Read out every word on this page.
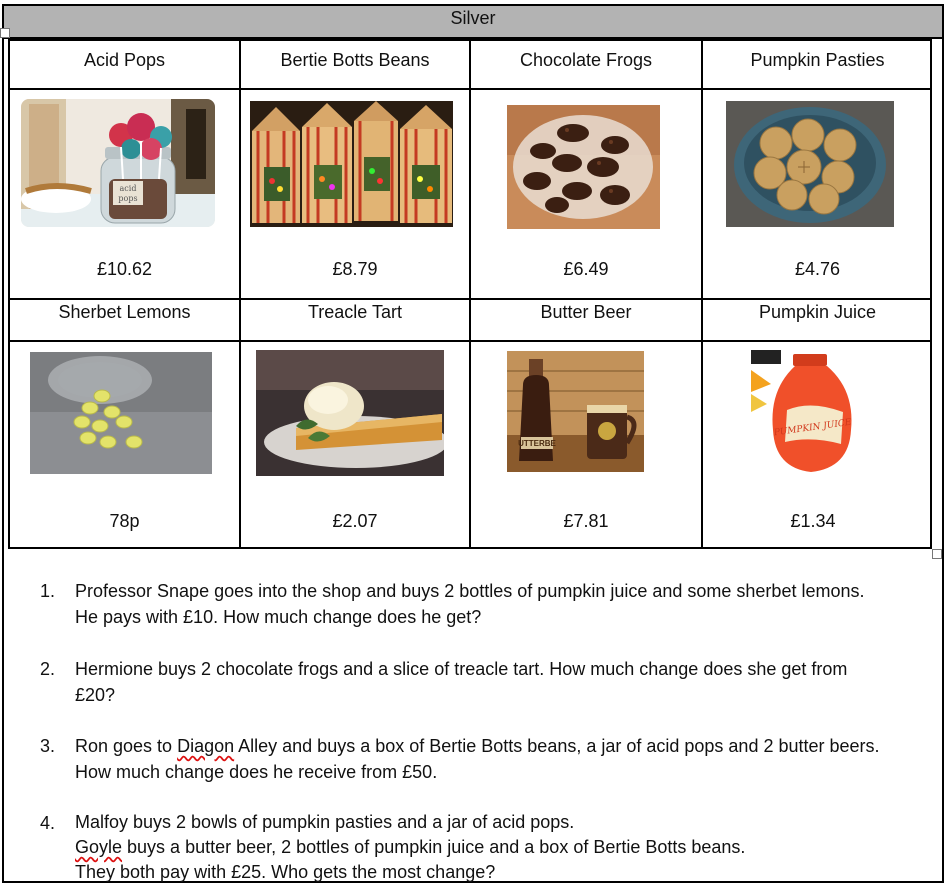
Silver
Acid Pops	Bertie Botts Beans	Chocolate Frogs	Pumpkin Pasties
acid
pops
£10.62	£8.79	£6.49	£4.76
Sherbet Lemons	Treacle Tart	Butter Beer	Pumpkin Juice
UTTERBE
PUMPKIN JUICE
78p	£2.07	£7.81	£1.34
1.	Professor Snape goes into the shop and buys 2 bottles of pumpkin juice and some sherbet lemons.
He pays with £10. How much change does he get?
2.	Hermione buys 2 chocolate frogs and a slice of treacle tart. How much change does she get from
£20?
3.	Ron goes to Diagon Alley and buys a box of Bertie Botts beans, a jar of acid pops and 2 butter beers.
How much change does he receive from £50.
4.	Malfoy buys 2 bowls of pumpkin pasties and a jar of acid pops.
Goyle buys a butter beer, 2 bottles of pumpkin juice and a box of Bertie Botts beans.
They both pay with £25. Who gets the most change?
